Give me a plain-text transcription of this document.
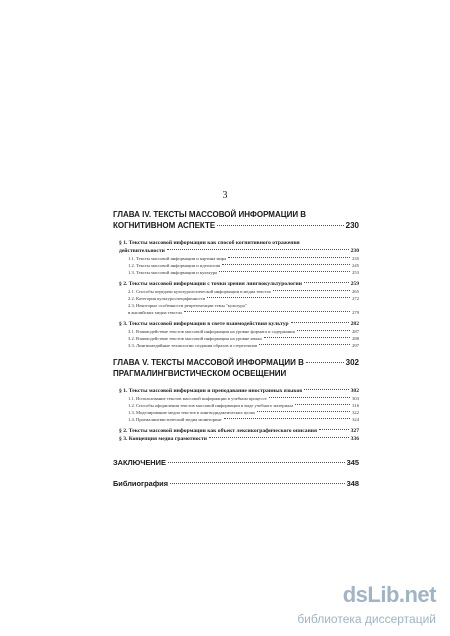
3
ГЛАВА IV. ТЕКСТЫ МАССОВОЙ ИНФОРМАЦИИ В
КОГНИТИВНОМ АСПЕКТЕ	230
§ 1. Тексты массовой информации как способ когнитивного отражения
действительности	230
1.1. Тексты массовой информации и картина мира	235
1.2. Тексты массовой информации и идеология	245
1.3. Тексты массовой информации и культура	253
§ 2. Тексты массовой информации с точки зрения лингвокультурологии	259
2.1. Способы передачи культурологической информации в медиа текстах	265
2.2. Категория культуроспецифичности	272
2.3. Некоторые особенности репрезентации темы "культура"
в английских медиа текстах	279
§ 3. Тексты массовой информации в свете взаимодействия культур	282
3.1. Взаимодействие текстов массовой информации на уровне формата и содержания	287
3.2. Взаимодействие текстов массовой информации на уровне языка	288
3.3. Лингвомедийные технологии создания образов и стереотипов	297
ГЛАВА V. ТЕКСТЫ МАССОВОЙ ИНФОРМАЦИИ В	302
ПРАГМАЛИНГВИСТИЧЕСКОМ ОСВЕЩЕНИИ
§ 1. Тексты массовой информации и преподавание иностранных языков	302
1.1. Использование текстов массовой информации в учебном процессе	303
1.2. Способы оформления текстов массовой информации в виде учебного материала	316
1.3. Моделирование медиа текстов в лингводидактических целях	322
1.4. Прагмалингвистический медиа мониторинг	324
§ 2. Тексты массовой информации как объект лексикографического описания	327
§ 3. Концепция медиа грамотности	336
ЗАКЛЮЧЕНИЕ	345
Библиография	348
dsLib.net
библиотека диссертаций
